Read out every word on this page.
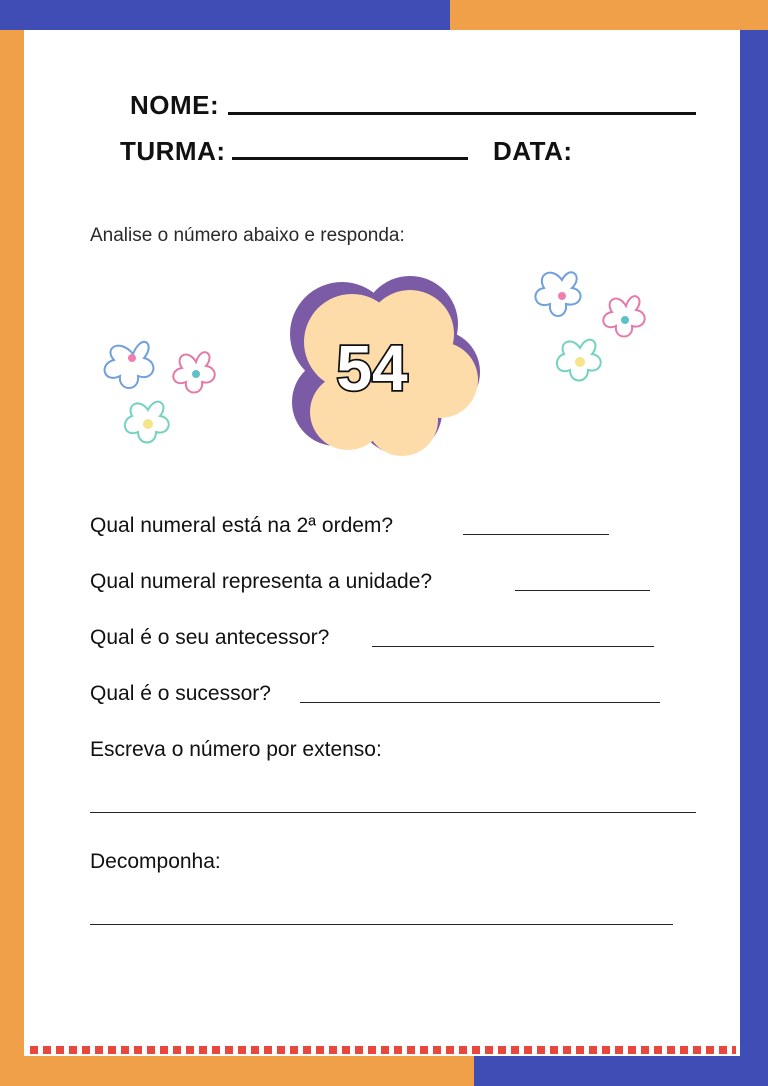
NOME:
TURMA:	DATA:
Analise o número abaixo e responda:
54
Qual numeral está na 2ª ordem?
Qual numeral representa a unidade?
Qual é o seu antecessor?
Qual é o sucessor?
Escreva o número por extenso:
Decomponha:
